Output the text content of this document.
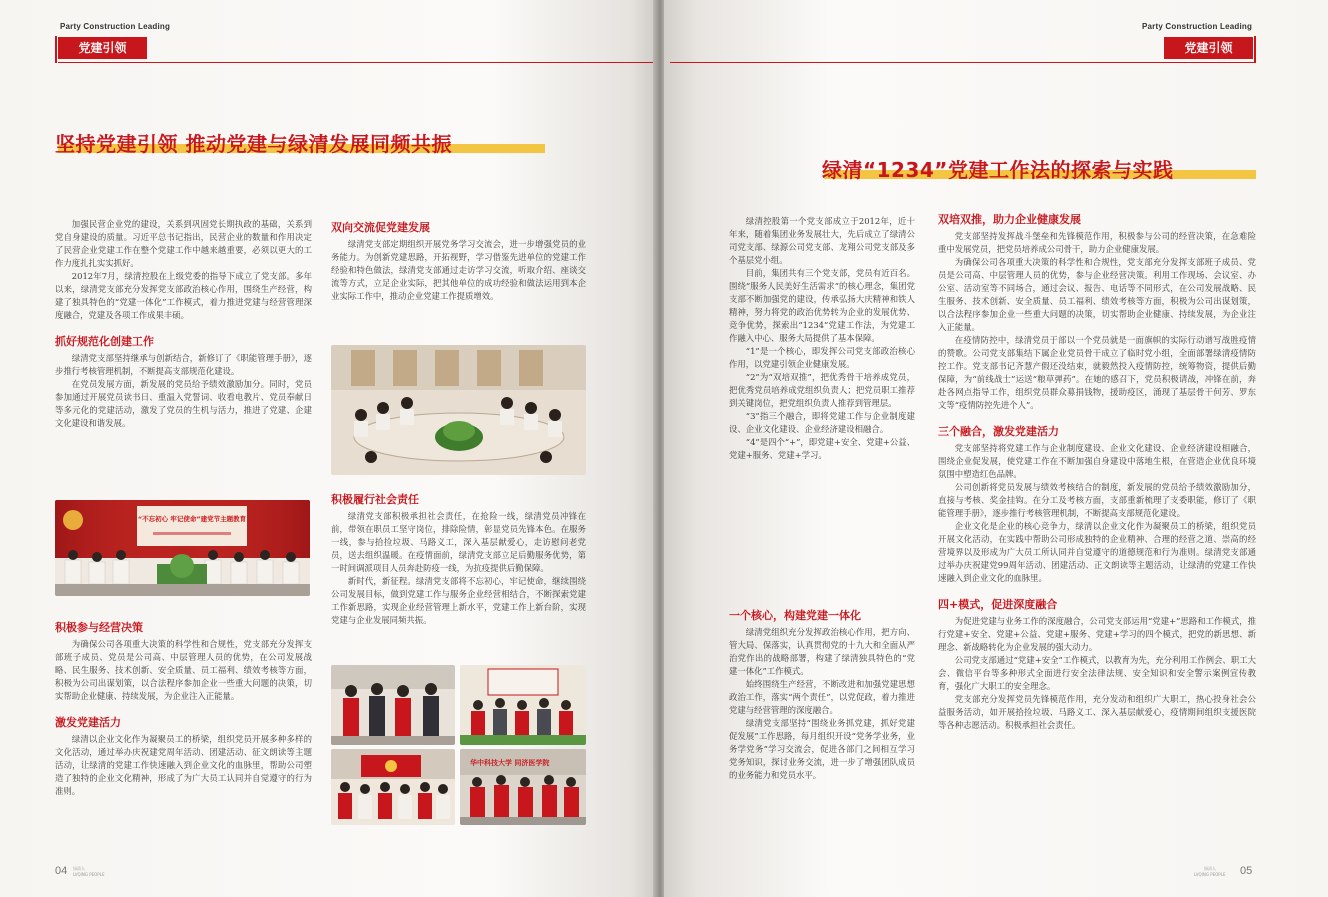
Party Construction Leading
党建引领
坚持党建引领 推动党建与绿清发展同频共振

加强民营企业党的建设，关系到巩固党长期执政的基础，关系到党自身建设的质量。习近平总书记指出，民营企业的数量和作用决定了民营企业党建工作在整个党建工作中越来越重要，必须以更大的工作力度扎扎实实抓好。

2012年7月，绿清控股在上级党委的指导下成立了党支部。多年以来，绿清党支部充分发挥党支部政治核心作用，围绕生产经营，构建了独具特色的“党建一体化”工作模式，着力推进党建与经营管理深度融合，党建及各项工作成果丰硕。

抓好规范化创建工作

绿清党支部坚持继承与创新结合，新修订了《职能管理手册》，逐步推行考核管理机制，不断提高支部规范化建设。

在党员发展方面，新发展的党员给予绩效激励加分。同时，党员参加通过开展党员读书日、重温入党誓词、收看电教片、党员奉献日等多元化的党建活动，激发了党员的生机与活力，推进了党建、企建文化建设和谐发展。

“不忘初心 牢记使命”建党节主题教育
积极参与经营决策

为确保公司各项重大决策的科学性和合规性，党支部充分发挥支部班子成员、党员是公司高、中层管理人员的优势，在公司发展战略、民生服务、技术创新、安全质量、员工福利、绩效考核等方面，积极为公司出谋划策，以合法程序参加企业一些重大问题的决策，切实帮助企业健康、持续发展，为企业注入正能量。

激发党建活力

绿清以企业文化作为凝聚员工的桥梁，组织党员开展多种多样的文化活动，通过举办庆祝建党周年活动、团建活动、征文朗读等主题活动，让绿清的党建工作快速融入到企业文化的血脉里，帮助公司塑造了独特的企业文化精神，形成了为广大员工认同并自觉遵守的行为准则。

双向交流促党建发展

绿清党支部定期组织开展党务学习交流会，进一步增强党员的业务能力。为创新党建思路，开拓视野，学习借鉴先进单位的党建工作经验和特色做法，绿清党支部通过走访学习交流，听取介绍、座谈交流等方式，立足企业实际，把其他单位的成功经验和做法运用到本企业实际工作中，推动企业党建工作提质增效。

积极履行社会责任

绿清党支部积极承担社会责任，在抢险一线，绿清党员冲锋在前，带领在职员工坚守岗位，排除险情，彰显党员先锋本色。在服务一线，参与拾捡垃圾、马路义工，深入基层献爱心，走访慰问老党员，送去组织温暖。在疫情面前，绿清党支部立足后勤服务优势，第一时间调派项目人员奔赴防疫一线，为抗疫提供后勤保障。

新时代，新征程。绿清党支部将不忘初心，牢记使命，继续围绕公司发展目标，做到党建工作与服务企业经营相结合，不断探索党建工作新思路，实现企业经营管理上新水平，党建工作上新台阶，实现党建与企业发展同频共振。

华中科技大学 同济医学院
04 绿清人
LVQING PEOPLE
Party Construction Leading
党建引领
绿清“1234”党建工作法的探索与实践

绿清控股第一个党支部成立于2012年，近十年来，随着集团业务发展壮大，先后成立了绿清公司党支部、绿源公司党支部、龙翔公司党支部及多个基层党小组。

目前，集团共有三个党支部，党员有近百名。围绕“服务人民美好生活需求”的核心理念，集团党支部不断加强党的建设，传承弘扬大庆精神和铁人精神，努力将党的政治优势转为企业的发展优势、竞争优势，探索出“1234”党建工作法，为党建工作融入中心、服务大局提供了基本保障。

“1”是一个核心，即发挥公司党支部政治核心作用，以党建引领企业健康发展。

“2”为“双培双推”，把优秀骨干培养成党员，把优秀党员培养成党组织负责人；把党员职工推荐到关键岗位，把党组织负责人推荐到管理层。

“3”指三个融合，即将党建工作与企业制度建设、企业文化建设、企业经济建设相融合。

“4”是四个“+”，即党建+安全、党建+公益、党建+服务、党建+学习。

一个核心，构建党建一体化

绿清党组织充分发挥政治核心作用，把方向、管大局、保落实，认真贯彻党的十九大和全面从严治党作出的战略部署，构建了绿清独具特色的“党建一体化”工作模式。

始终围绕生产经营，不断改进和加强党建思想政治工作，落实“两个责任”，以党促政，着力推进党建与经营管理的深度融合。

绿清党支部坚持“围绕业务抓党建，抓好党建促发展”工作思路，每月组织开设“党务学业务，业务学党务”学习交流会，促进各部门之间相互学习党务知识，探讨业务交流，进一步了增强团队成员的业务能力和党员水平。

双培双推，助力企业健康发展

党支部坚持发挥战斗堡垒和先锋模范作用，积极参与公司的经营决策，在急难险重中发展党员，把党员培养成公司骨干，助力企业健康发展。

为确保公司各项重大决策的科学性和合规性，党支部充分发挥支部班子成员、党员是公司高、中层管理人员的优势，参与企业经营决策。利用工作现场、会议室、办公室、活动室等不同场合，通过会议、报告、电话等不同形式，在公司发展战略、民生服务、技术创新、安全质量、员工福利、绩效考核等方面，积极为公司出谋划策，以合法程序参加企业一些重大问题的决策，切实帮助企业健康、持续发展，为企业注入正能量。

在疫情防控中，绿清党员于部以一个党员就是一面旗帜的实际行动谱写战胜疫情的赞歌。公司党支部集结下属企业党员骨干成立了临时党小组，全面部署绿清疫情防控工作。党支部书记齐慧产假还没结束，就毅然投入疫情防控，统筹物资，提供后勤保障，为“前线战士”运送“粮草弹药”。在她的感召下，党员积极请战，冲锋在前，奔赴各网点指导工作，组织党员群众募捐钱物，援助疫区，涌现了基层骨干何芳、罗东文等“疫情防控先进个人”。

三个融合，激发党建活力

党支部坚持将党建工作与企业制度建设、企业文化建设、企业经济建设相融合，围绕企业促发展，使党建工作在不断加强自身建设中落地生根，在营造企业优良环境氛围中塑造红色品牌。

公司创新将党员发展与绩效考核结合的制度，新发展的党员给予绩效激励加分，直接与考核、奖金挂钩。在分工及考核方面，支部重新梳理了支委职能，修订了《职能管理手册》，逐步推行考核管理机制，不断提高支部规范化建设。

企业文化是企业的核心竞争力，绿清以企业文化作为凝聚员工的桥梁，组织党员开展文化活动，在实践中帮助公司形成独特的企业精神、合理的经营之道、崇高的经营境界以及形成为广大员工所认同并自觉遵守的道德规范和行为准则。绿清党支部通过举办庆祝建党99周年活动、团建活动、正文朗读等主题活动，让绿清的党建工作快速融入到企业文化的血脉里。

四+模式，促进深度融合

为促进党建与业务工作的深度融合，公司党支部运用“党建+”思路和工作模式，推行党建+安全、党建+公益、党建+服务、党建+学习的四个模式，把党的新思想、新理念、新战略转化为企业发展的强大动力。

公司党支部通过“党建+安全”工作模式，以教育为先，充分利用工作例会、职工大会、微信平台等多种形式全面进行安全法律法规、安全知识和安全警示案例宣传教育，强化广大职工的安全理念。

党支部充分发挥党员先锋模范作用，充分发动和组织广大职工，热心投身社会公益服务活动，如开展拾捡垃圾、马路义工、深入基层献爱心，疫情期间组织支援医院等各种志愿活动。积极承担社会责任。

绿清人
LVQING PEOPLE 05
